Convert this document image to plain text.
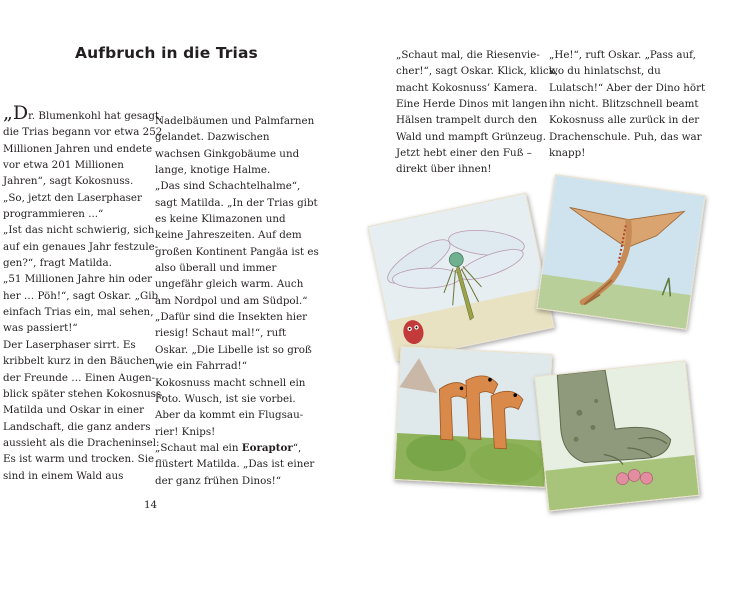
Aufbruch in die Trias

„Dr. Blumenkohl hat gesagt,

die Trias begann vor etwa 252

Millionen Jahren und endete

vor etwa 201 Millionen

Jahren“, sagt Kokosnuss.

„So, jetzt den Laserphaser

programmieren ...“

„Ist das nicht schwierig, sich

auf ein genaues Jahr festzule-

gen?“, fragt Matilda.

„51 Millionen Jahre hin oder

her … Pöh!“, sagt Oskar. „Gib

einfach Trias ein, mal sehen,

was passiert!“

Der Laserphaser sirrt. Es

kribbelt kurz in den Bäuchen

der Freunde … Einen Augen-

blick später stehen Kokosnuss,

Matilda und Oskar in einer

Landschaft, die ganz anders

aussieht als die Dracheninsel:

Es ist warm und trocken. Sie

sind in einem Wald aus

Nadelbäumen und Palmfarnen

gelandet. Dazwischen

wachsen Ginkgobäume und

lange, knotige Halme.

„Das sind Schachtelhalme“,

sagt Matilda. „In der Trias gibt

es keine Klimazonen und

keine Jahreszeiten. Auf dem

großen Kontinent Pangäa ist es

also überall und immer

ungefähr gleich warm. Auch

am Nordpol und am Südpol.“

„Dafür sind die Insekten hier

riesig! Schaut mal!“, ruft

Oskar. „Die Libelle ist so groß

wie ein Fahrrad!“

Kokosnuss macht schnell ein

Foto. Wusch, ist sie vorbei.

Aber da kommt ein Flugsau-

rier! Knips!

„Schaut mal ein Eoraptor“,

flüstert Matilda. „Das ist einer

der ganz frühen Dinos!“

14

„Schaut mal, die Riesenvie-

cher!“, sagt Oskar. Klick, klick,

macht Kokosnuss’ Kamera.

Eine Herde Dinos mit langen

Hälsen trampelt durch den

Wald und mampft Grünzeug.

Jetzt hebt einer den Fuß –

direkt über ihnen!

„He!“, ruft Oskar. „Pass auf,

wo du hinlatschst, du

Lulatsch!“ Aber der Dino hört

ihn nicht. Blitzschnell beamt

Kokosnuss alle zurück in der

Drachenschule. Puh, das war

knapp!
